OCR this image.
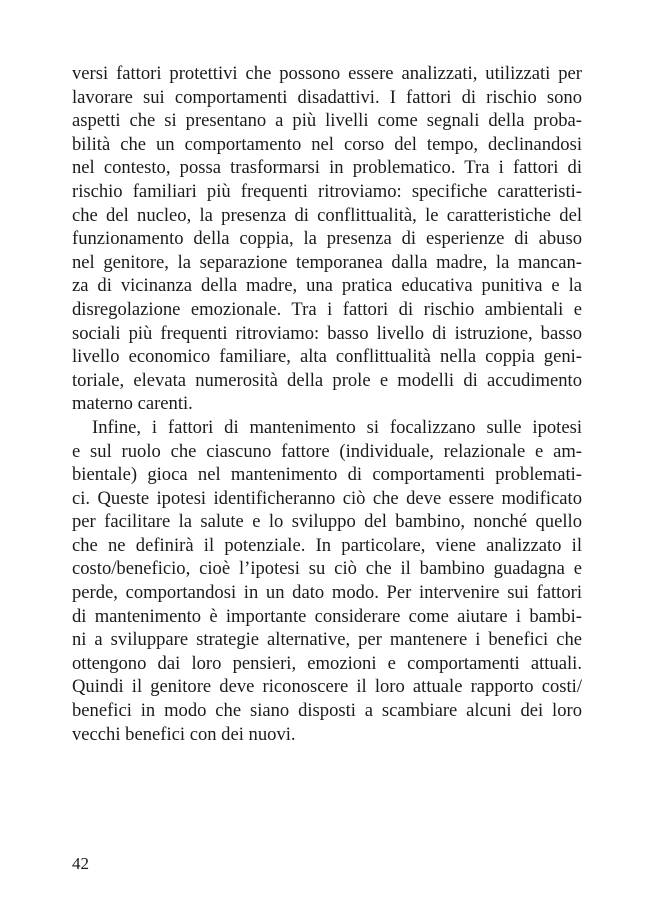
versi fattori protettivi che possono essere analizzati, utilizzati per
lavorare sui comportamenti disadattivi. I fattori di rischio sono
aspetti che si presentano a più livelli come segnali della proba-
bilità che un comportamento nel corso del tempo, declinandosi
nel contesto, possa trasformarsi in problematico. Tra i fattori di
rischio familiari più frequenti ritroviamo: specifiche caratteristi-
che del nucleo, la presenza di conflittualità, le caratteristiche del
funzionamento della coppia, la presenza di esperienze di abuso
nel genitore, la separazione temporanea dalla madre, la mancan-
za di vicinanza della madre, una pratica educativa punitiva e la
disregolazione emozionale. Tra i fattori di rischio ambientali e
sociali più frequenti ritroviamo: basso livello di istruzione, basso
livello economico familiare, alta conflittualità nella coppia geni-
toriale, elevata numerosità della prole e modelli di accudimento
materno carenti.
Infine, i fattori di mantenimento si focalizzano sulle ipotesi
e sul ruolo che ciascuno fattore (individuale, relazionale e am-
bientale) gioca nel mantenimento di comportamenti problemati-
ci. Queste ipotesi identificheranno ciò che deve essere modificato
per facilitare la salute e lo sviluppo del bambino, nonché quello
che ne definirà il potenziale. In particolare, viene analizzato il
costo/beneficio, cioè l’ipotesi su ciò che il bambino guadagna e
perde, comportandosi in un dato modo. Per intervenire sui fattori
di mantenimento è importante considerare come aiutare i bambi-
ni a sviluppare strategie alternative, per mantenere i benefici che
ottengono dai loro pensieri, emozioni e comportamenti attuali.
Quindi il genitore deve riconoscere il loro attuale rapporto costi/
benefici in modo che siano disposti a scambiare alcuni dei loro
vecchi benefici con dei nuovi.
42
